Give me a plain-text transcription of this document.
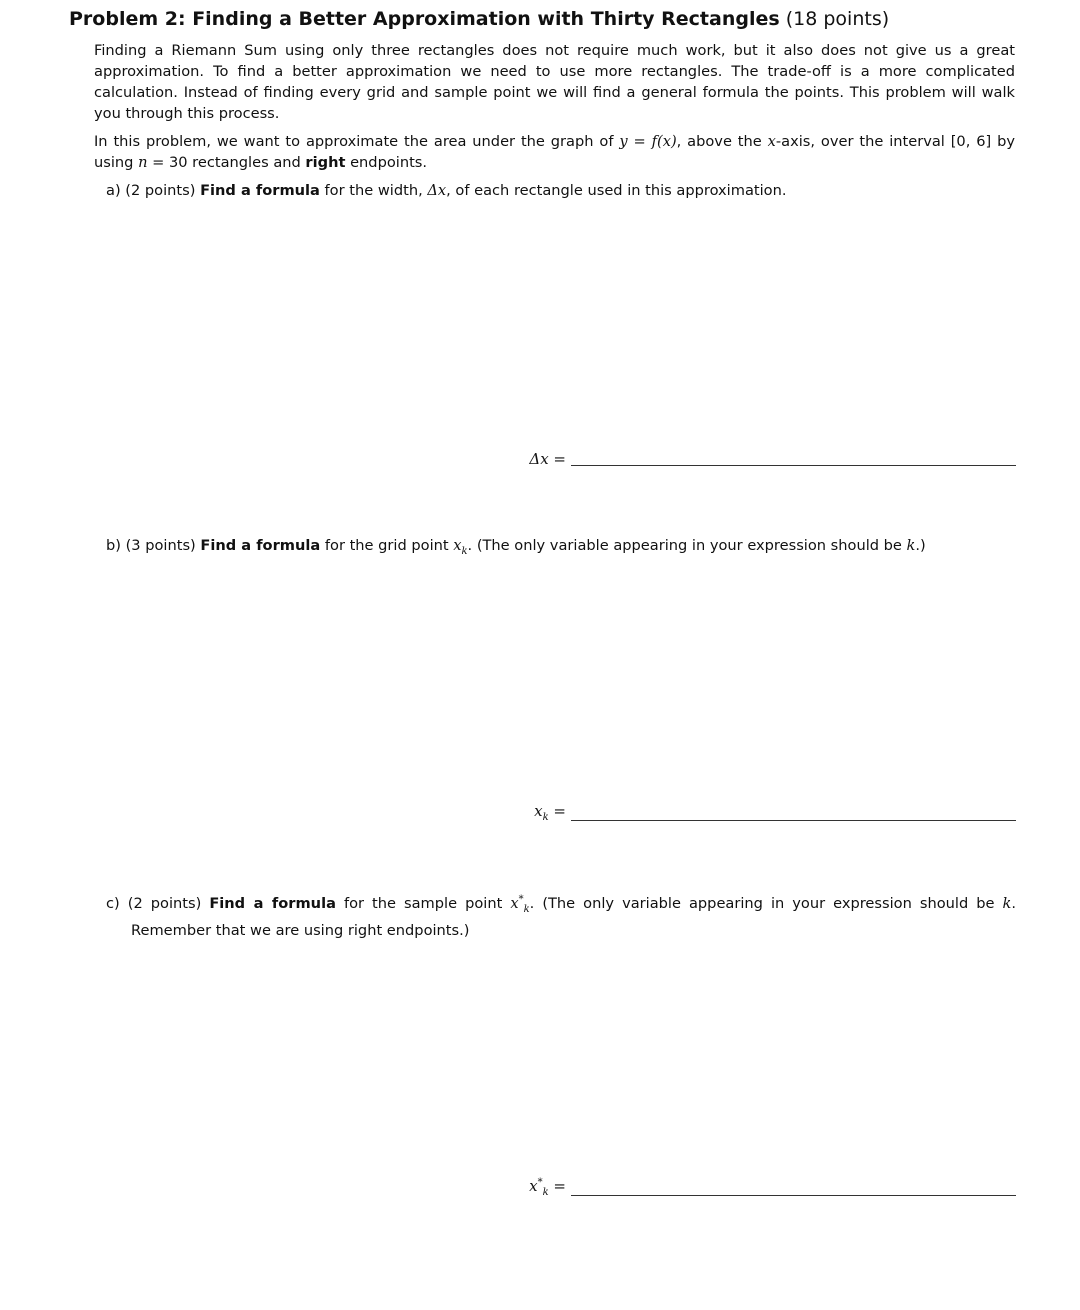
Problem 2: Finding a Better Approximation with Thirty Rectangles (18 points)
Finding a Riemann Sum using only three rectangles does not require much work, but it also does not give us a great approximation. To find a better approximation we need to use more rectangles. The trade-off is a more complicated calculation. Instead of finding every grid and sample point we will find a general formula the points. This problem will walk you through this process.
In this problem, we want to approximate the area under the graph of y = f(x), above the x-axis, over the interval [0, 6] by using n = 30 rectangles and right endpoints.
a) (2 points) Find a formula for the width, Δx, of each rectangle used in this approximation.
Δx =
b) (3 points) Find a formula for the grid point $x_k$. (The only variable appearing in your expression should be k.)
$x_k$ =
c) (2 points) Find a formula for the sample point $x^*_k$. (The only variable appearing in your expression should be k. Remember that we are using right endpoints.)
$x^*_k$ =
